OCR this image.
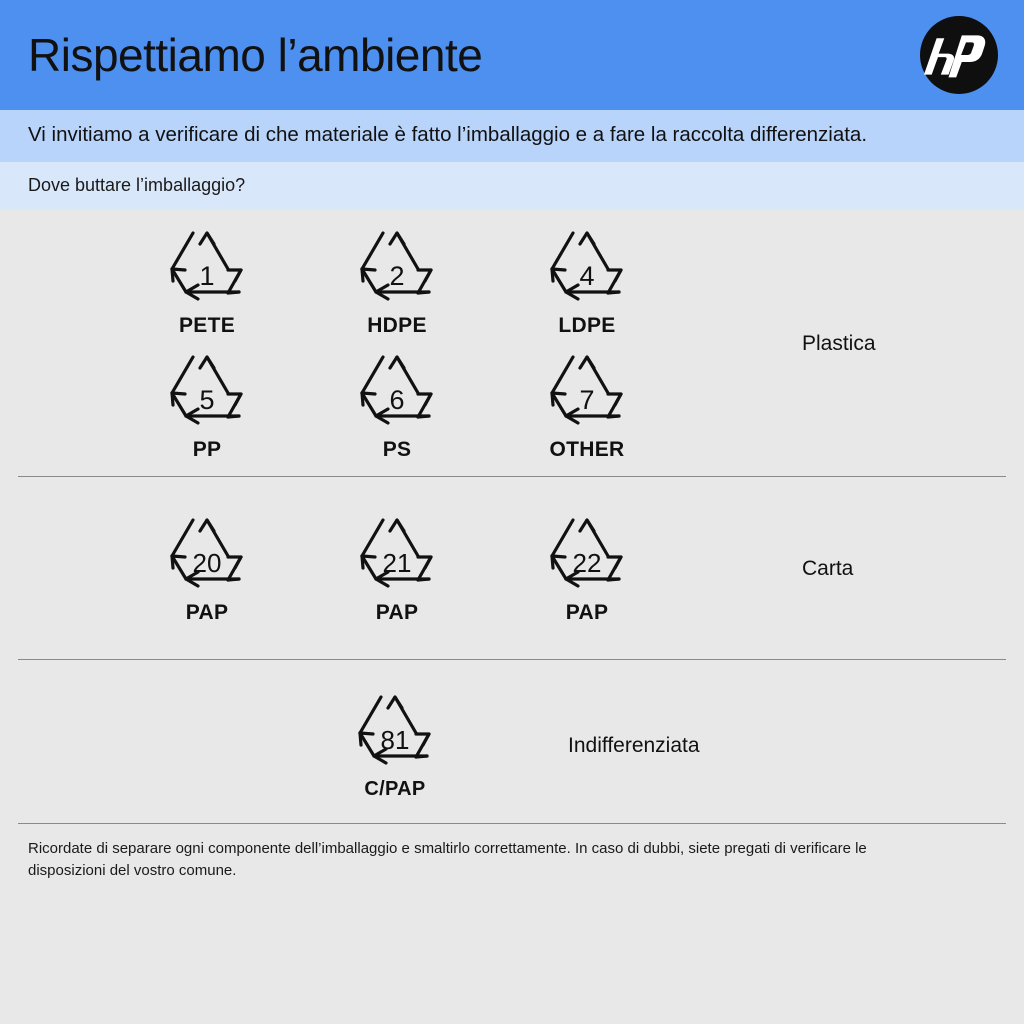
Rispettiamo l’ambiente
Vi invitiamo a verificare di che materiale è fatto l’imballaggio e a fare la raccolta differenziata.
Dove buttare l’imballaggio?
1
PETE
2
HDPE
4
LDPE
5
PP
6
PS
7
OTHER
Plastica
20
PAP
21
PAP
22
PAP
Carta
81
C/PAP
Indifferenziata
Ricordate di separare ogni componente dell’imballaggio e smaltirlo correttamente. In caso di dubbi, siete pregati di verificare le disposizioni del vostro comune.
